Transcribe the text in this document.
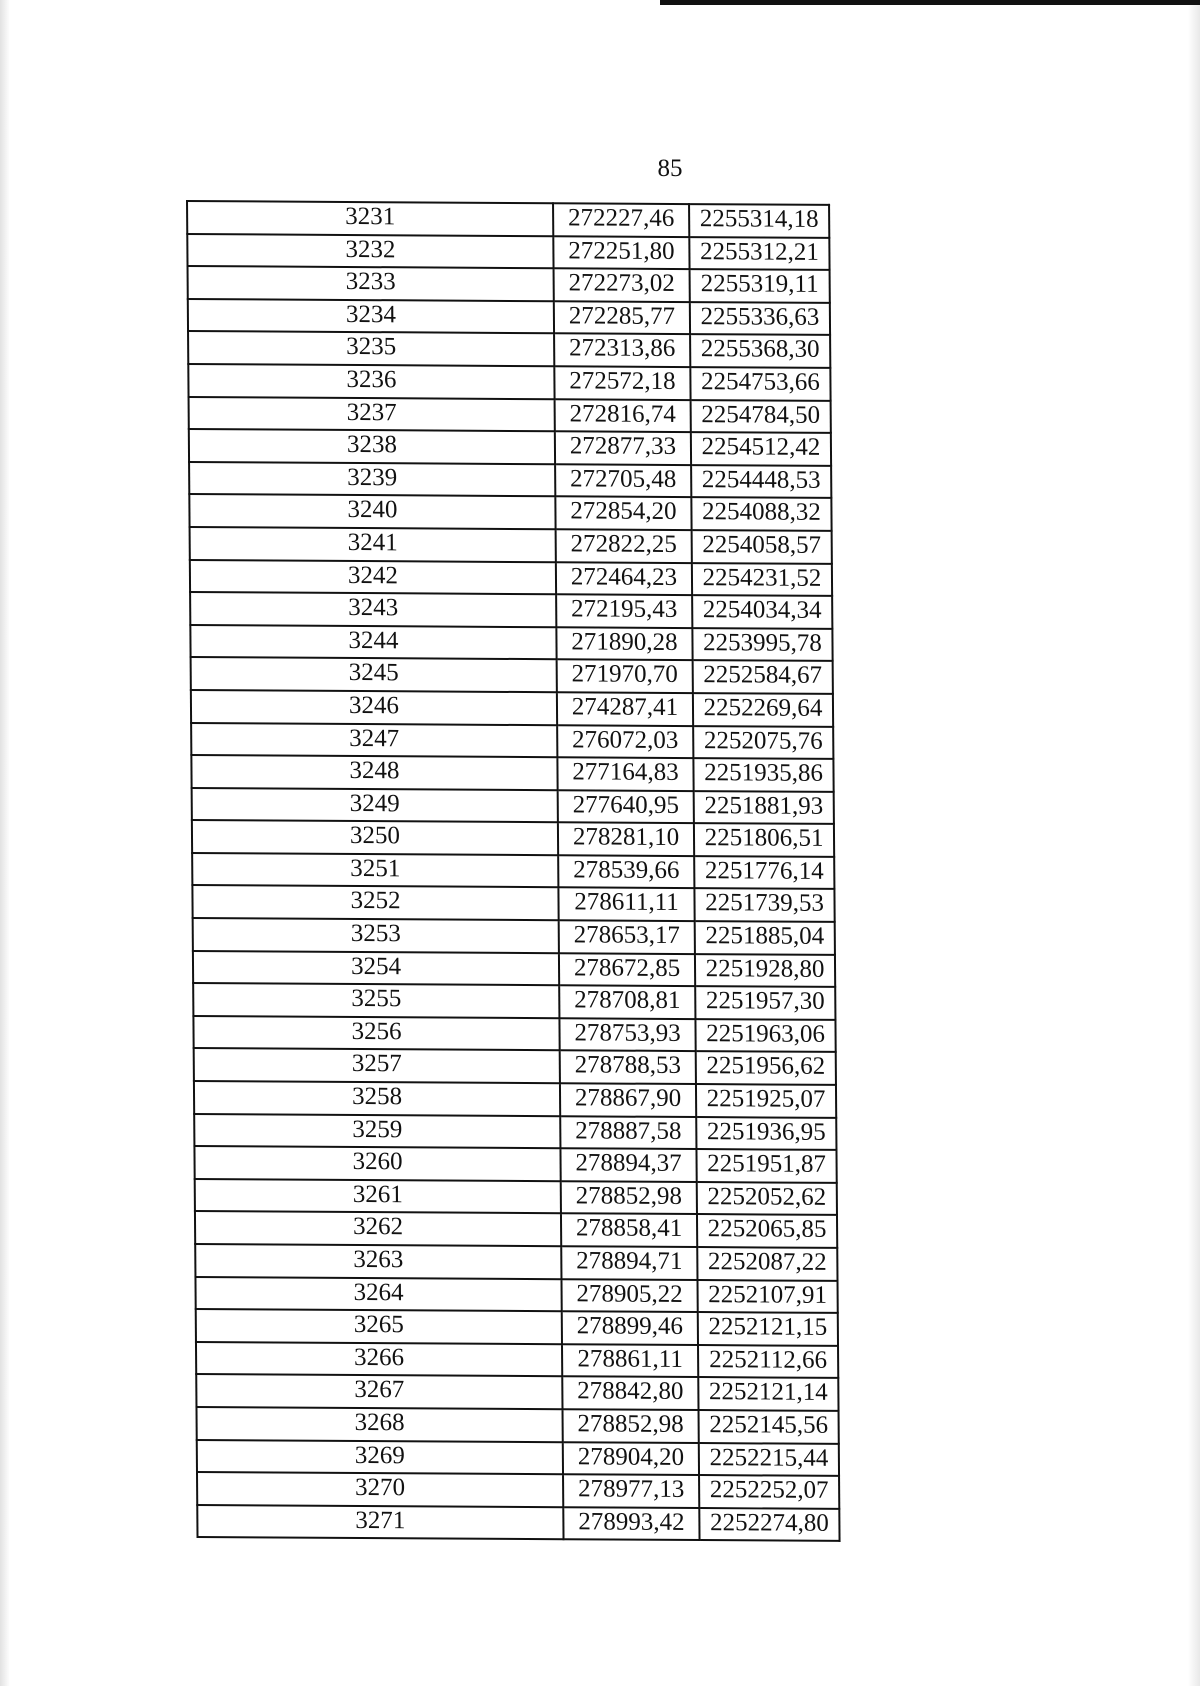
85
3231	272227,46	2255314,18
3232	272251,80	2255312,21
3233	272273,02	2255319,11
3234	272285,77	2255336,63
3235	272313,86	2255368,30
3236	272572,18	2254753,66
3237	272816,74	2254784,50
3238	272877,33	2254512,42
3239	272705,48	2254448,53
3240	272854,20	2254088,32
3241	272822,25	2254058,57
3242	272464,23	2254231,52
3243	272195,43	2254034,34
3244	271890,28	2253995,78
3245	271970,70	2252584,67
3246	274287,41	2252269,64
3247	276072,03	2252075,76
3248	277164,83	2251935,86
3249	277640,95	2251881,93
3250	278281,10	2251806,51
3251	278539,66	2251776,14
3252	278611,11	2251739,53
3253	278653,17	2251885,04
3254	278672,85	2251928,80
3255	278708,81	2251957,30
3256	278753,93	2251963,06
3257	278788,53	2251956,62
3258	278867,90	2251925,07
3259	278887,58	2251936,95
3260	278894,37	2251951,87
3261	278852,98	2252052,62
3262	278858,41	2252065,85
3263	278894,71	2252087,22
3264	278905,22	2252107,91
3265	278899,46	2252121,15
3266	278861,11	2252112,66
3267	278842,80	2252121,14
3268	278852,98	2252145,56
3269	278904,20	2252215,44
3270	278977,13	2252252,07
3271	278993,42	2252274,80
